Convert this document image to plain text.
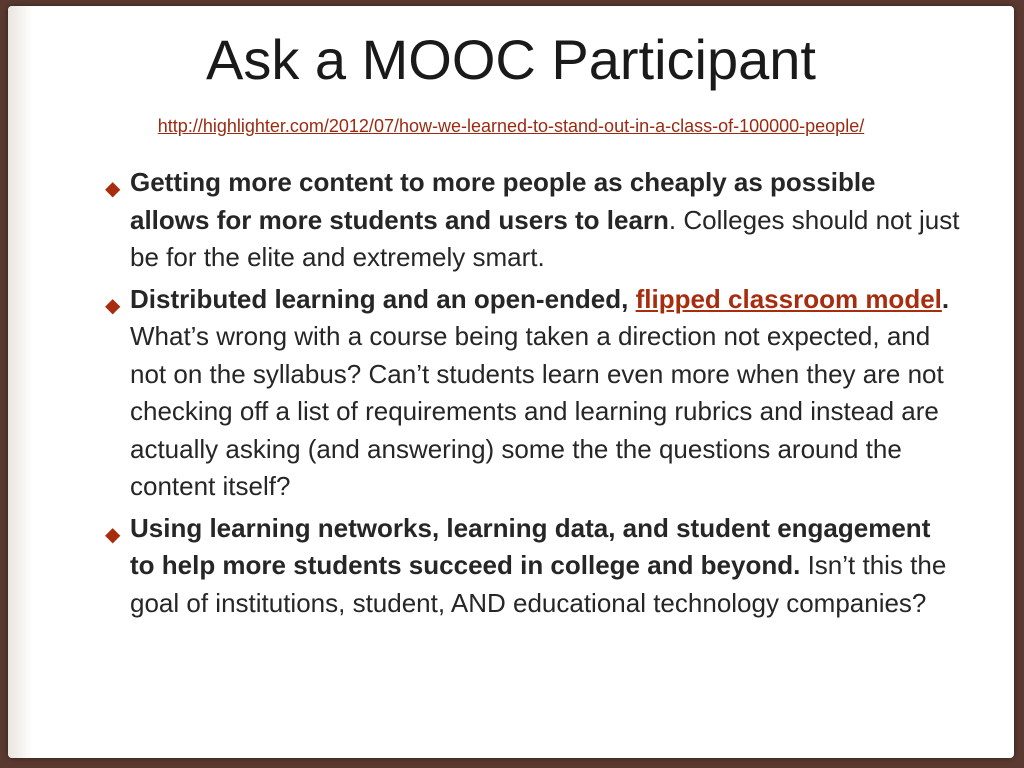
Ask a MOOC Participant
http://highlighter.com/2012/07/how-we-learned-to-stand-out-in-a-class-of-100000-people/
◆ Getting more content to more people as cheaply as possible allows for more students and users to learn. Colleges should not just be for the elite and extremely smart.
◆ Distributed learning and an open-ended, flipped classroom model. What’s wrong with a course being taken a direction not expected, and not on the syllabus? Can’t students learn even more when they are not checking off a list of requirements and learning rubrics and instead are actually asking (and answering) some the the questions around the content itself?
◆ Using learning networks, learning data, and student engagement to help more students succeed in college and beyond. Isn’t this the goal of institutions, student, AND educational technology companies?
